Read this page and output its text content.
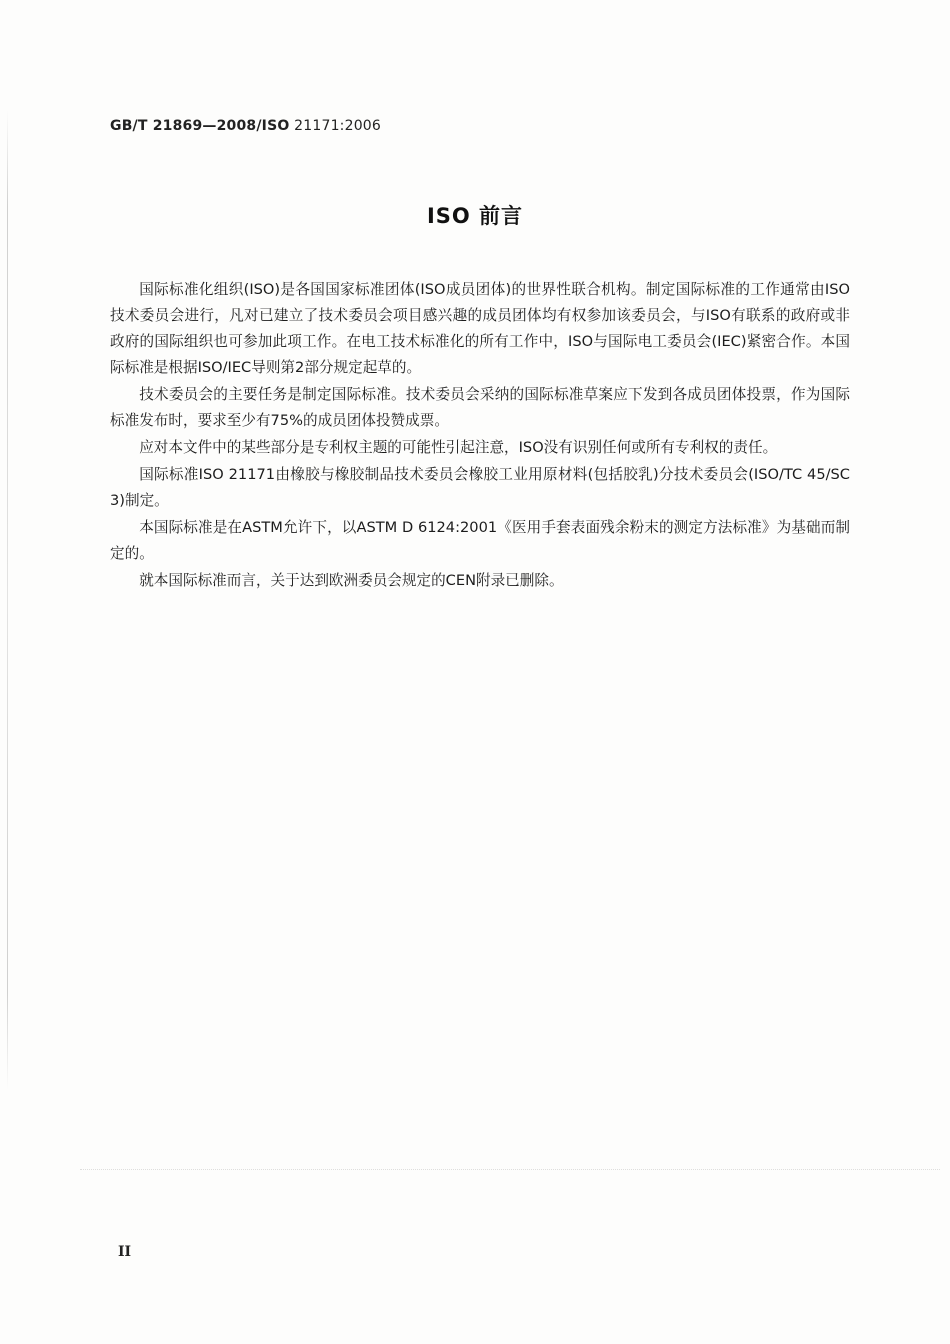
GB/T 21869—2008/ISO 21171:2006
ISO 前言

国际标准化组织(ISO)是各国国家标准团体(ISO成员团体)的世界性联合机构。制定国际标准的工作通常由ISO技术委员会进行，凡对已建立了技术委员会项目感兴趣的成员团体均有权参加该委员会，与ISO有联系的政府或非政府的国际组织也可参加此项工作。在电工技术标准化的所有工作中，ISO与国际电工委员会(IEC)紧密合作。本国际标准是根据ISO/IEC导则第2部分规定起草的。

技术委员会的主要任务是制定国际标准。技术委员会采纳的国际标准草案应下发到各成员团体投票，作为国际标准发布时，要求至少有75%的成员团体投赞成票。

应对本文件中的某些部分是专利权主题的可能性引起注意，ISO没有识别任何或所有专利权的责任。

国际标准ISO 21171由橡胶与橡胶制品技术委员会橡胶工业用原材料(包括胶乳)分技术委员会(ISO/TC 45/SC 3)制定。

本国际标准是在ASTM允许下，以ASTM D 6124:2001《医用手套表面残余粉末的测定方法标准》为基础而制定的。

就本国际标准而言，关于达到欧洲委员会规定的CEN附录已删除。

II
